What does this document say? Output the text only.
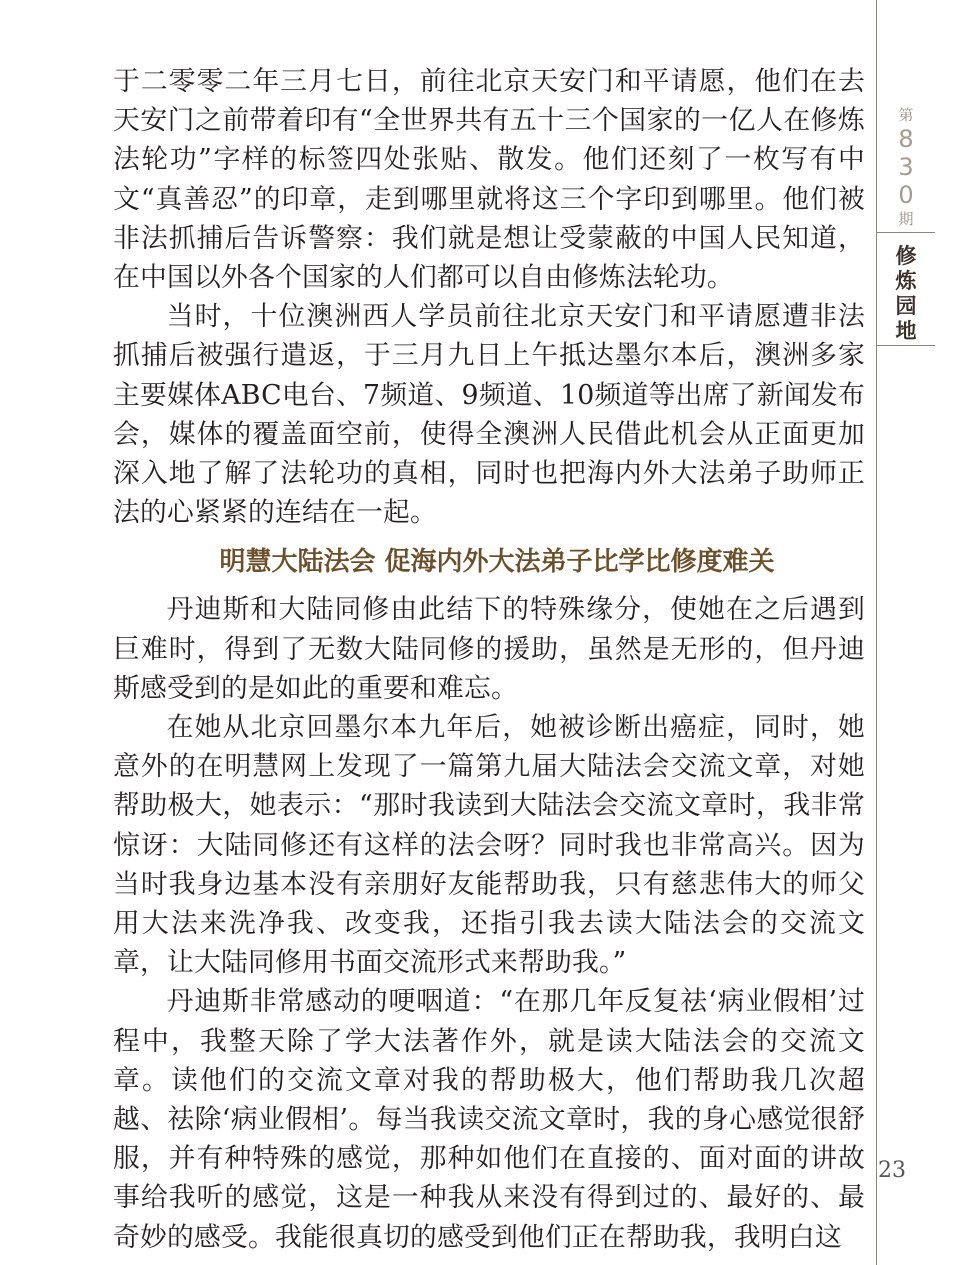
于二零零二年三月七日，前往北京天安门和平请愿，他们在去天安门之前带着印有“全世界共有五十三个国家的一亿人在修炼法轮功”字样的标签四处张贴、散发。他们还刻了一枚写有中文“真善忍”的印章，走到哪里就将这三个字印到哪里。他们被非法抓捕后告诉警察：我们就是想让受蒙蔽的中国人民知道，在中国以外各个国家的人们都可以自由修炼法轮功。

当时，十位澳洲西人学员前往北京天安门和平请愿遭非法抓捕后被强行遣返，于三月九日上午抵达墨尔本后，澳洲多家主要媒体ABC电台、7频道、9频道、10频道等出席了新闻发布会，媒体的覆盖面空前，使得全澳洲人民借此机会从正面更加深入地了解了法轮功的真相，同时也把海内外大法弟子助师正法的心紧紧的连结在一起。

明慧大陆法会 促海内外大法弟子比学比修度难关

丹迪斯和大陆同修由此结下的特殊缘分，使她在之后遇到巨难时，得到了无数大陆同修的援助，虽然是无形的，但丹迪斯感受到的是如此的重要和难忘。

在她从北京回墨尔本九年后，她被诊断出癌症，同时，她意外的在明慧网上发现了一篇第九届大陆法会交流文章，对她帮助极大，她表示：“那时我读到大陆法会交流文章时，我非常惊讶：大陆同修还有这样的法会呀？同时我也非常高兴。因为当时我身边基本没有亲朋好友能帮助我，只有慈悲伟大的师父用大法来洗净我、改变我，还指引我去读大陆法会的交流文章，让大陆同修用书面交流形式来帮助我。”

丹迪斯非常感动的哽咽道：“在那几年反复祛‘病业假相’过程中，我整天除了学大法著作外，就是读大陆法会的交流文章。读他们的交流文章对我的帮助极大，他们帮助我几次超越、祛除‘病业假相’。每当我读交流文章时，我的身心感觉很舒服，并有种特殊的感觉，那种如他们在直接的、面对面的讲故事给我听的感觉，这是一种我从来没有得到过的、最好的、最奇妙的感受。我能很真切的感受到他们正在帮助我，我明白这

第
8
3
0
期
修
炼
园
地
23
